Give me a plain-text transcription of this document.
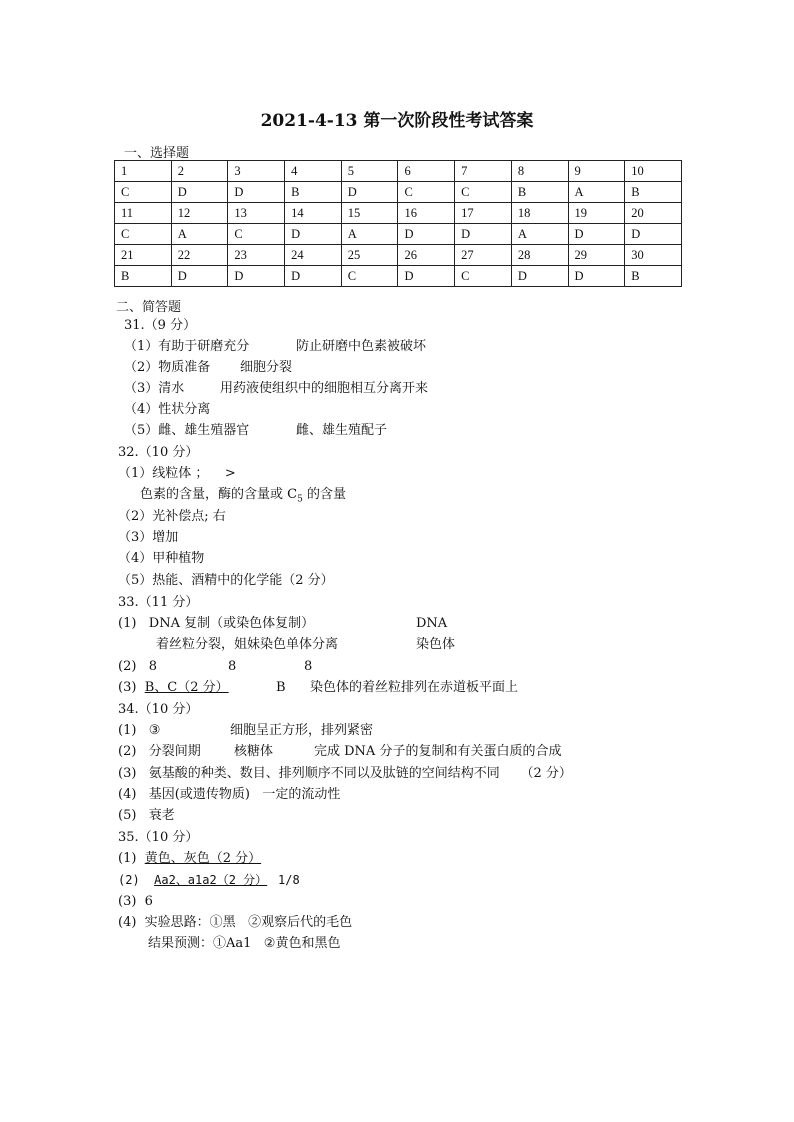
2021-4-13 第一次阶段性考试答案
一、选择题
1	2	3	4	5	6	7	8	9	10
C	D	D	B	D	C	C	B	A	B
11	12	13	14	15	16	17	18	19	20
C	A	C	D	A	D	D	A	D	D
21	22	23	24	25	26	27	28	29	30
B	D	D	D	C	D	C	D	D	B
二、简答题
31.（9 分）
（1）有助于研磨充分	防止研磨中色素被破坏
（2）物质准备 细胞分裂
（3）清水	用药液使组织中的细胞相互分离开来
（4）性状分离
（5）雌、雄生殖器官	雌、雄生殖配子
32.（10 分）
（1）线粒体 ；    >
色素的含量，酶的含量或 $C_5$ 的含量
（2）光补偿点; 右
（3）增加
（4）甲种植物
（5）热能、酒精中的化学能（2 分）
33.（11 分）
(1)   DNA 复制（或染色体复制）	DNA
着丝粒分裂，姐妹染色单体分离	染色体
(2)   8	8	8
(3)  B、C（2 分）	B 染色体的着丝粒排列在赤道板平面上
34.（10 分）
(1)   ③	细胞呈正方形，排列紧密
(2)   分裂间期	核糖体	完成 DNA 分子的复制和有关蛋白质的合成
(3)   氨基酸的种类、数目、排列顺序不同以及肽链的空间结构不同     （2 分）
(4)   基因(或遗传物质)   一定的流动性
(5)   衰老
35.（10 分）
(1)  黄色、灰色（2 分）
(2)  Aa2、a1a2（2 分） 1/8
(3)  6
(4)  实验思路：①黑   ②观察后代的毛色
结果预测：①Aa1   ②黄色和黑色
